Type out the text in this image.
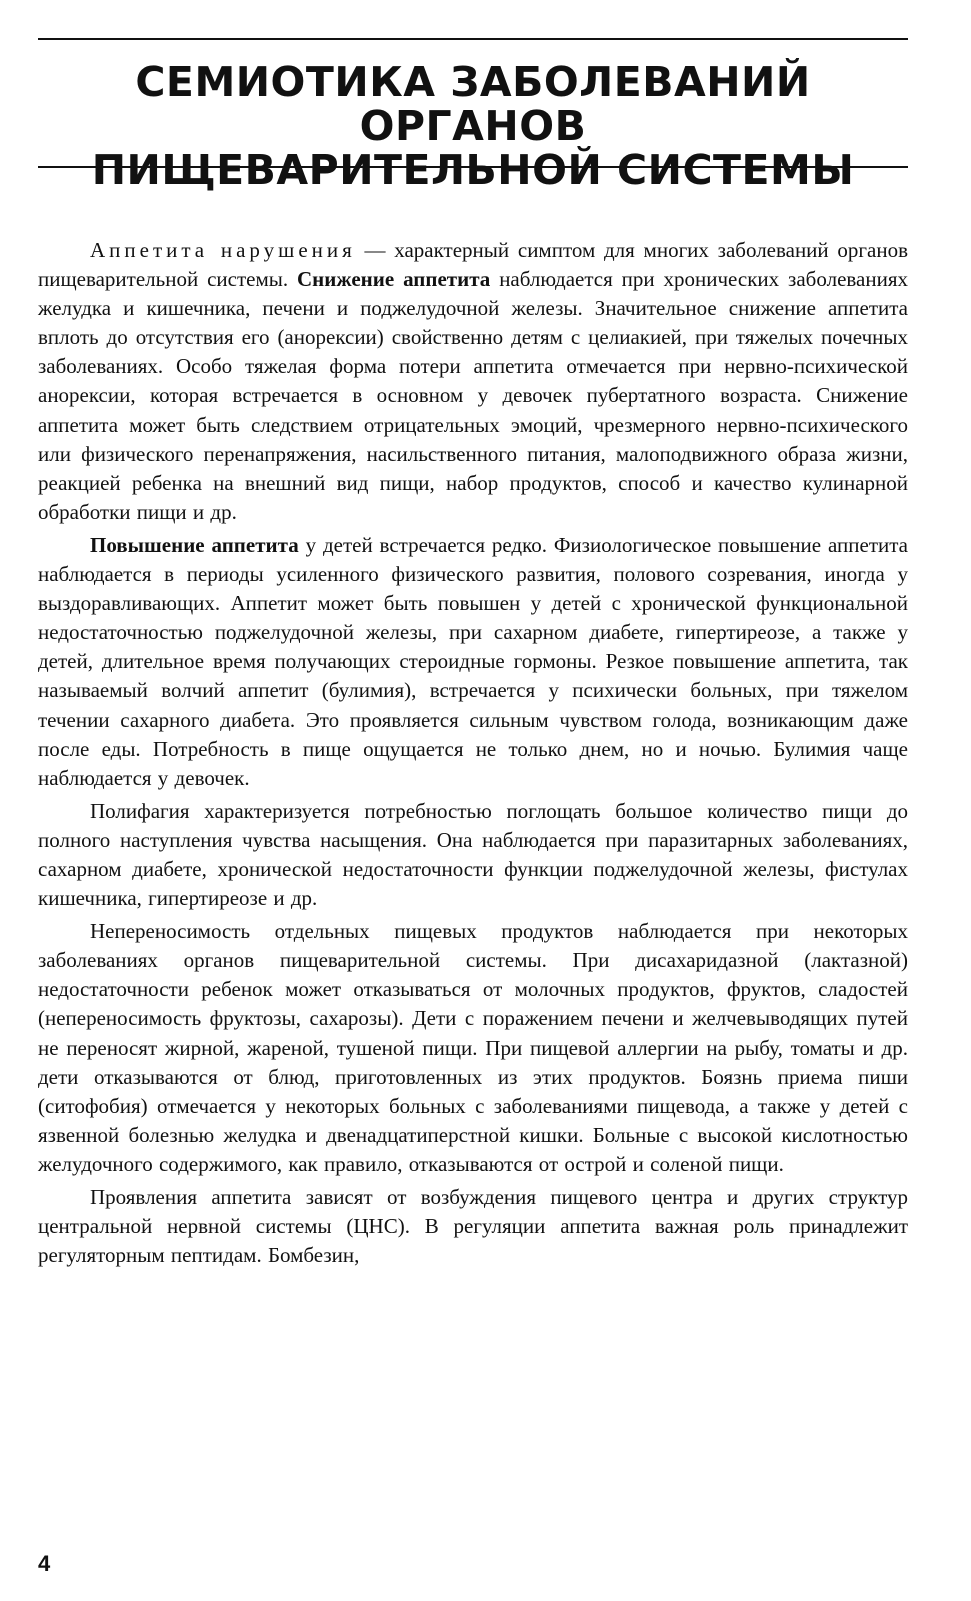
СЕМИОТИКА ЗАБОЛЕВАНИЙ ОРГАНОВ
ПИЩЕВАРИТЕЛЬНОЙ СИСТЕМЫ

Аппетита нарушения — характерный симптом для многих заболеваний органов пищеварительной системы. Снижение аппетита наблюдается при хронических заболеваниях желудка и кишечника, печени и поджелудочной железы. Значительное снижение аппетита вплоть до отсутствия его (анорексии) свойственно детям с целиакией, при тяжелых почечных заболеваниях. Особо тяжелая форма потери аппетита отмечается при нервно-психической анорексии, которая встречается в основном у девочек пубертатного возраста. Снижение аппетита может быть следствием отрицательных эмоций, чрезмерного нервно-психического или физического перенапряжения, насильственного питания, малоподвижного образа жизни, реакцией ребенка на внешний вид пищи, набор продуктов, способ и качество кулинарной обработки пищи и др.

Повышение аппетита у детей встречается редко. Физиологическое повышение аппетита наблюдается в периоды усиленного физического развития, полового созревания, иногда у выздоравливающих. Аппетит может быть повышен у детей с хронической функциональной недостаточностью поджелудочной железы, при сахарном диабете, гипертиреозе, а также у детей, длительное время получающих стероидные гормоны. Резкое повышение аппетита, так называемый волчий аппетит (булимия), встречается у психически больных, при тяжелом течении сахарного диабета. Это проявляется сильным чувством голода, возникающим даже после еды. Потребность в пище ощущается не только днем, но и ночью. Булимия чаще наблюдается у девочек.

Полифагия характеризуется потребностью поглощать большое количество пищи до полного наступления чувства насыщения. Она наблюдается при паразитарных заболеваниях, сахарном диабете, хронической недостаточности функции поджелудочной железы, фистулах кишечника, гипертиреозе и др.

Непереносимость отдельных пищевых продуктов наблюдается при некоторых заболеваниях органов пищеварительной системы. При дисахаридазной (лактазной) недостаточности ребенок может отказываться от молочных продуктов, фруктов, сладостей (непереносимость фруктозы, сахарозы). Дети с поражением печени и желчевыводящих путей не переносят жирной, жареной, тушеной пищи. При пищевой аллергии на рыбу, томаты и др. дети отказываются от блюд, приготовленных из этих продуктов. Боязнь приема пиши (ситофобия) отмечается у некоторых больных с заболеваниями пищевода, а также у детей с язвенной болезнью желудка и двенадцатиперстной кишки. Больные с высокой кислотностью желудочного содержимого, как правило, отказываются от острой и соленой пищи.

Проявления аппетита зависят от возбуждения пищевого центра и других структур центральной нервной системы (ЦНС). В регуляции аппетита важная роль принадлежит регуляторным пептидам. Бомбезин,

4
